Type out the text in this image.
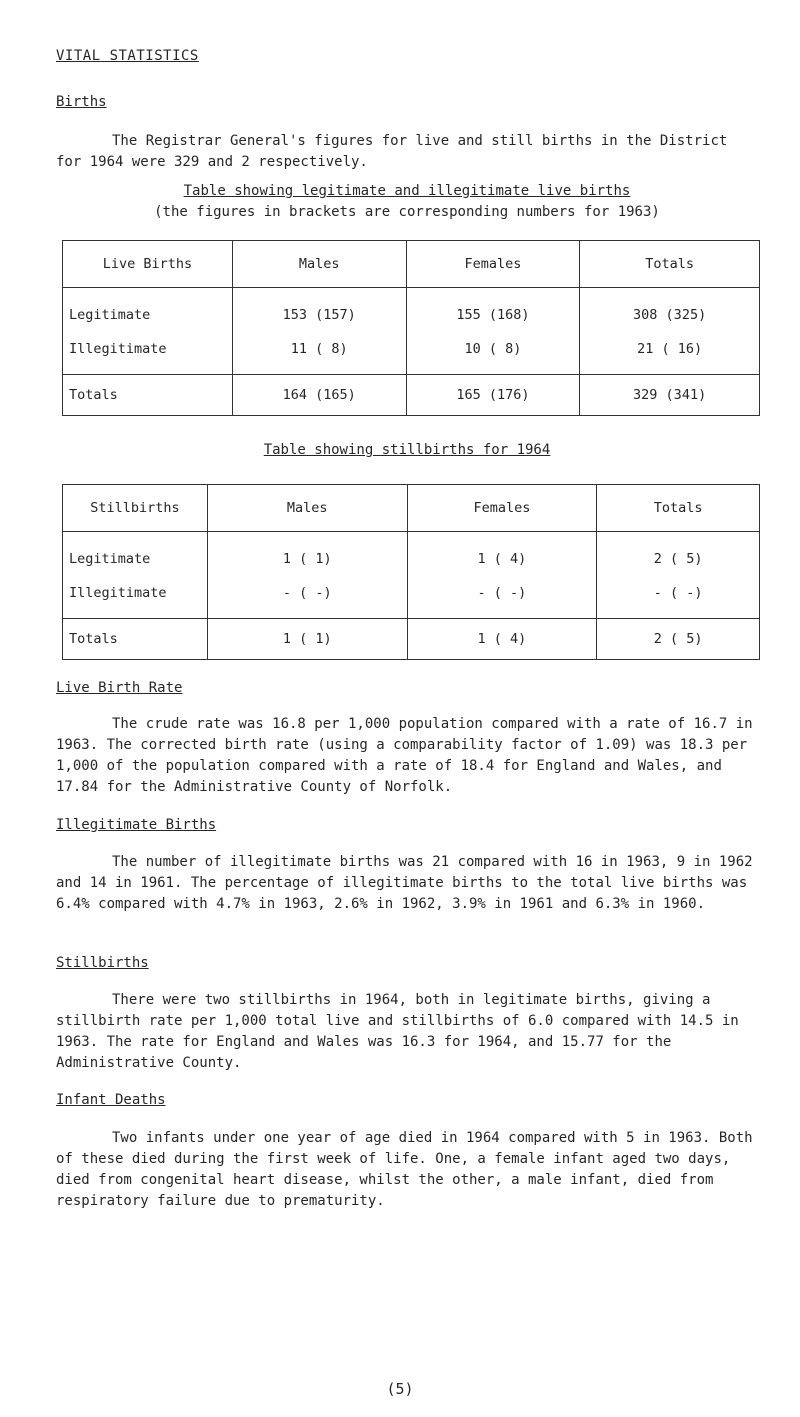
VITAL STATISTICS
Births

The Registrar General's figures for live and still births in the District for 1964 were 329 and 2 respectively.

Table showing legitimate and illegitimate live births
(the figures in brackets are corresponding numbers for 1963)

Live Births	Males	Females	Totals
Legitimate	153 (157)	155 (168)	308 (325)
Illegitimate	11 ( 8)	10 ( 8)	21 ( 16)
Totals	164 (165)	165 (176)	329 (341)

Table showing stillbirths for 1964

Stillbirths	Males	Females	Totals
Legitimate	1 ( 1)	1 ( 4)	2 ( 5)
Illegitimate	- ( -)	- ( -)	- ( -)
Totals	1 ( 1)	1 ( 4)	2 ( 5)
Live Birth Rate

The crude rate was 16.8 per 1,000 population compared with a rate of 16.7 in 1963. The corrected birth rate (using a comparability factor of 1.09) was 18.3 per 1,000 of the population compared with a rate of 18.4 for England and Wales, and 17.84 for the Administrative County of Norfolk.

Illegitimate Births

The number of illegitimate births was 21 compared with 16 in 1963, 9 in 1962 and 14 in 1961. The percentage of illegitimate births to the total live births was 6.4% compared with 4.7% in 1963, 2.6% in 1962, 3.9% in 1961 and 6.3% in 1960.

Stillbirths

There were two stillbirths in 1964, both in legitimate births, giving a stillbirth rate per 1,000 total live and stillbirths of 6.0 compared with 14.5 in 1963. The rate for England and Wales was 16.3 for 1964, and 15.77 for the Administrative County.

Infant Deaths

Two infants under one year of age died in 1964 compared with 5 in 1963. Both of these died during the first week of life. One, a female infant aged two days, died from congenital heart disease, whilst the other, a male infant, died from respiratory failure due to prematurity.

(5)
